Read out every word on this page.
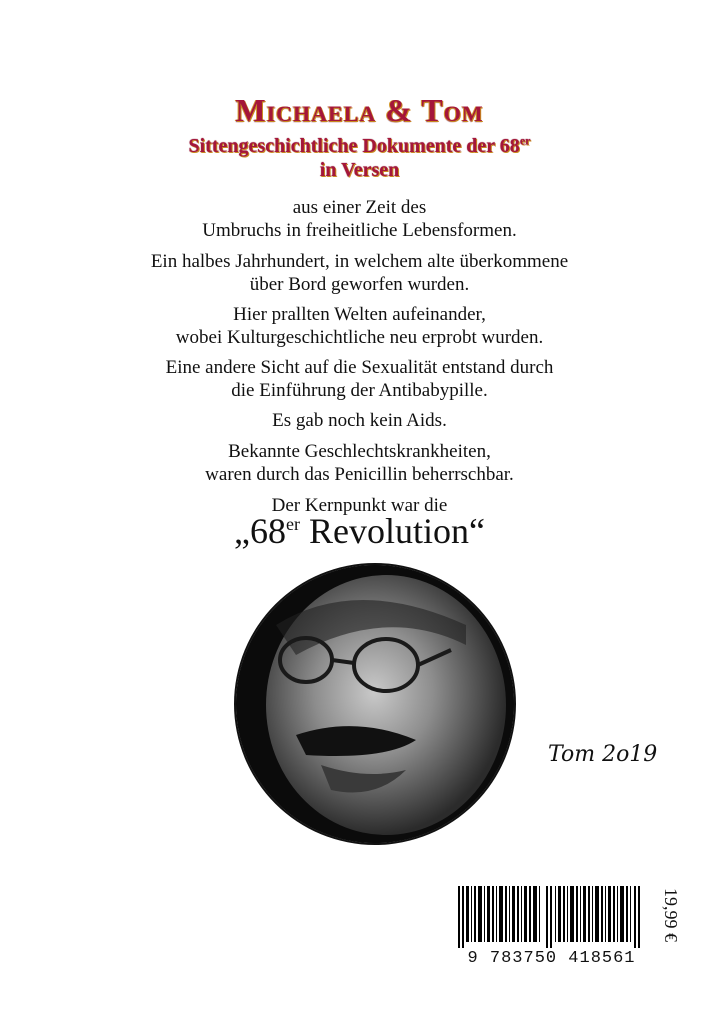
Michaela & Tom
Sittengeschichtliche Dokumente der 68er
in Versen

aus einer Zeit des

Umbruchs in freiheitliche Lebensformen.

Ein halbes Jahrhundert, in welchem alte überkommene

über Bord geworfen wurden.

Hier prallten Welten aufeinander,

wobei Kulturgeschichtliche neu erprobt wurden.

Eine andere Sicht auf die Sexualität entstand durch

die Einführung der Antibabypille.

Es gab noch kein Aids.

Bekannte Geschlechtskrankheiten,

waren durch das Penicillin beherrschbar.

Der Kernpunkt war die

„68er Revolution“
Tom 2o19
9 783750 418561
19,99 €
